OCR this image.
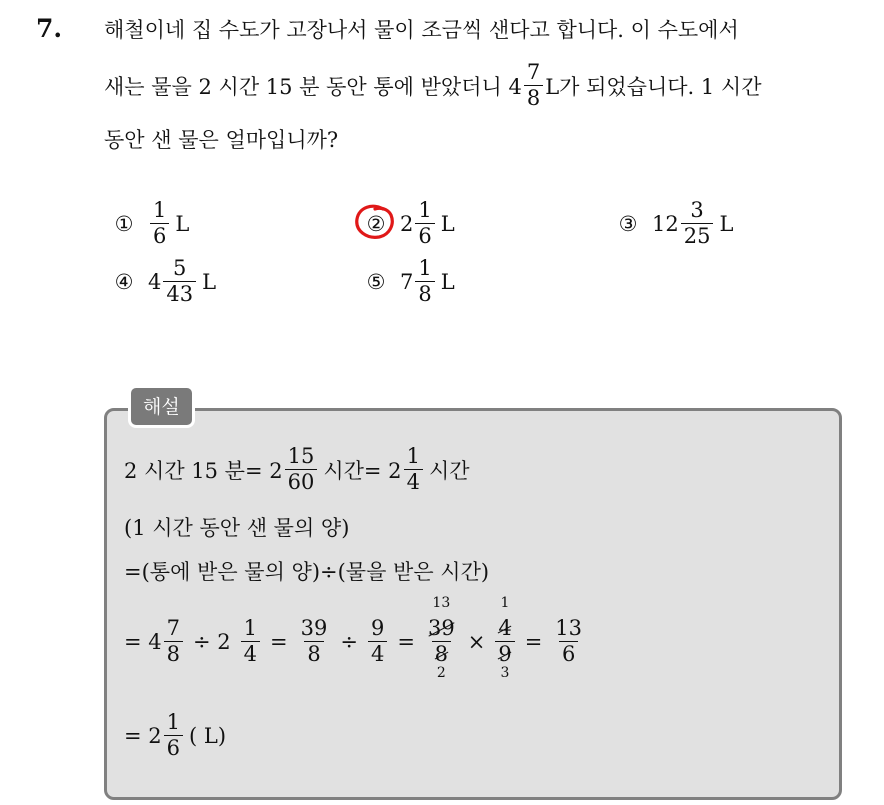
7. 해철이네 집 수도가 고장나서 물이 조금씩 샌다고 합니다. 이 수도에서
새는 물을 2 시간 15 분 동안 통에 받았더니 $4 \frac{7}{8}$ L가 되었습니다. 1 시간
동안 샌 물은 얼마입니까?
① $\frac{1}{6}$ L	② $2 \frac{1}{6}$ L	③ $12 \frac{3}{25}$ L
④ $4 \frac{5}{43}$ L	⑤ $7 \frac{1}{8}$ L
해설
2 시간 15 분= $2 \frac{15}{60}$ 시간= $2 \frac{1}{4}$ 시간
(1 시간 동안 샌 물의 양)
=(통에 받은 물의 양)÷(물을 받은 시간)
= $4 \frac{7}{8} \div 2 \frac{1}{4} = \frac{39}{8} \div \frac{9}{4} = 13$
39
8
2 × 1
4
9
$3 = \frac{13}{6}$
= $2 \frac{1}{6}$ ( L)
